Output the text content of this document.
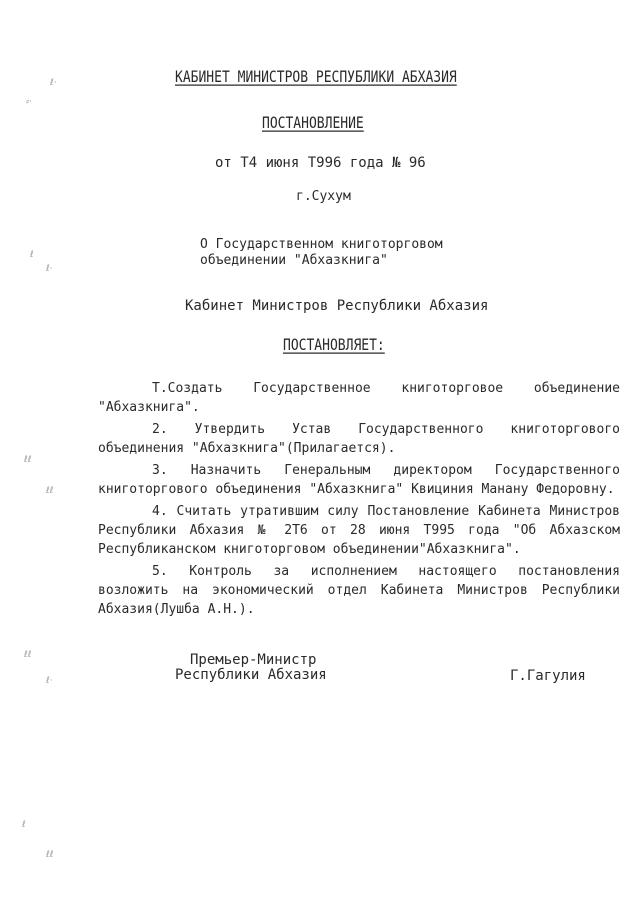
ℓ·
⸗·
ℓ
ℓ·
ℓℓ
ℓℓ
ℓℓ
ℓ·
ℓ
ℓℓ
КАБИНЕТ МИНИСТРОВ РЕСПУБЛИКИ АБХАЗИЯ
ПОСТАНОВЛЕНИЕ
от Т4 июня Т996 года № 96
г.Сухум
О Государственном книготорговом
объединении "Абхазкнига"
Кабинет Министров Республики Абхазия
ПОСТАНОВЛЯЕТ:

Т.Создать Государственное книготорговое объединение "Абхазкнига".

2. Утвердить Устав Государственного книготоргового объединения "Абхазкнига"(Прилагается).

3. Назначить Генеральным директором Государственного книготоргового объединения "Абхазкнига" Квициния Манану Федоровну.

4. Считать утратившим силу Постановление Кабинета Министров Республики Абхазия № 2Т6 от 28 июня Т995 года "Об Абхазском Республиканском книготорговом объединении"Абхазкнига".

5. Контроль за исполнением настоящего постановления возложить на экономический отдел Кабинета Министров Республики Абхазия(Лушба А.Н.).

Премьер-Министр
Республики Абхазия	Г.Гагулия
